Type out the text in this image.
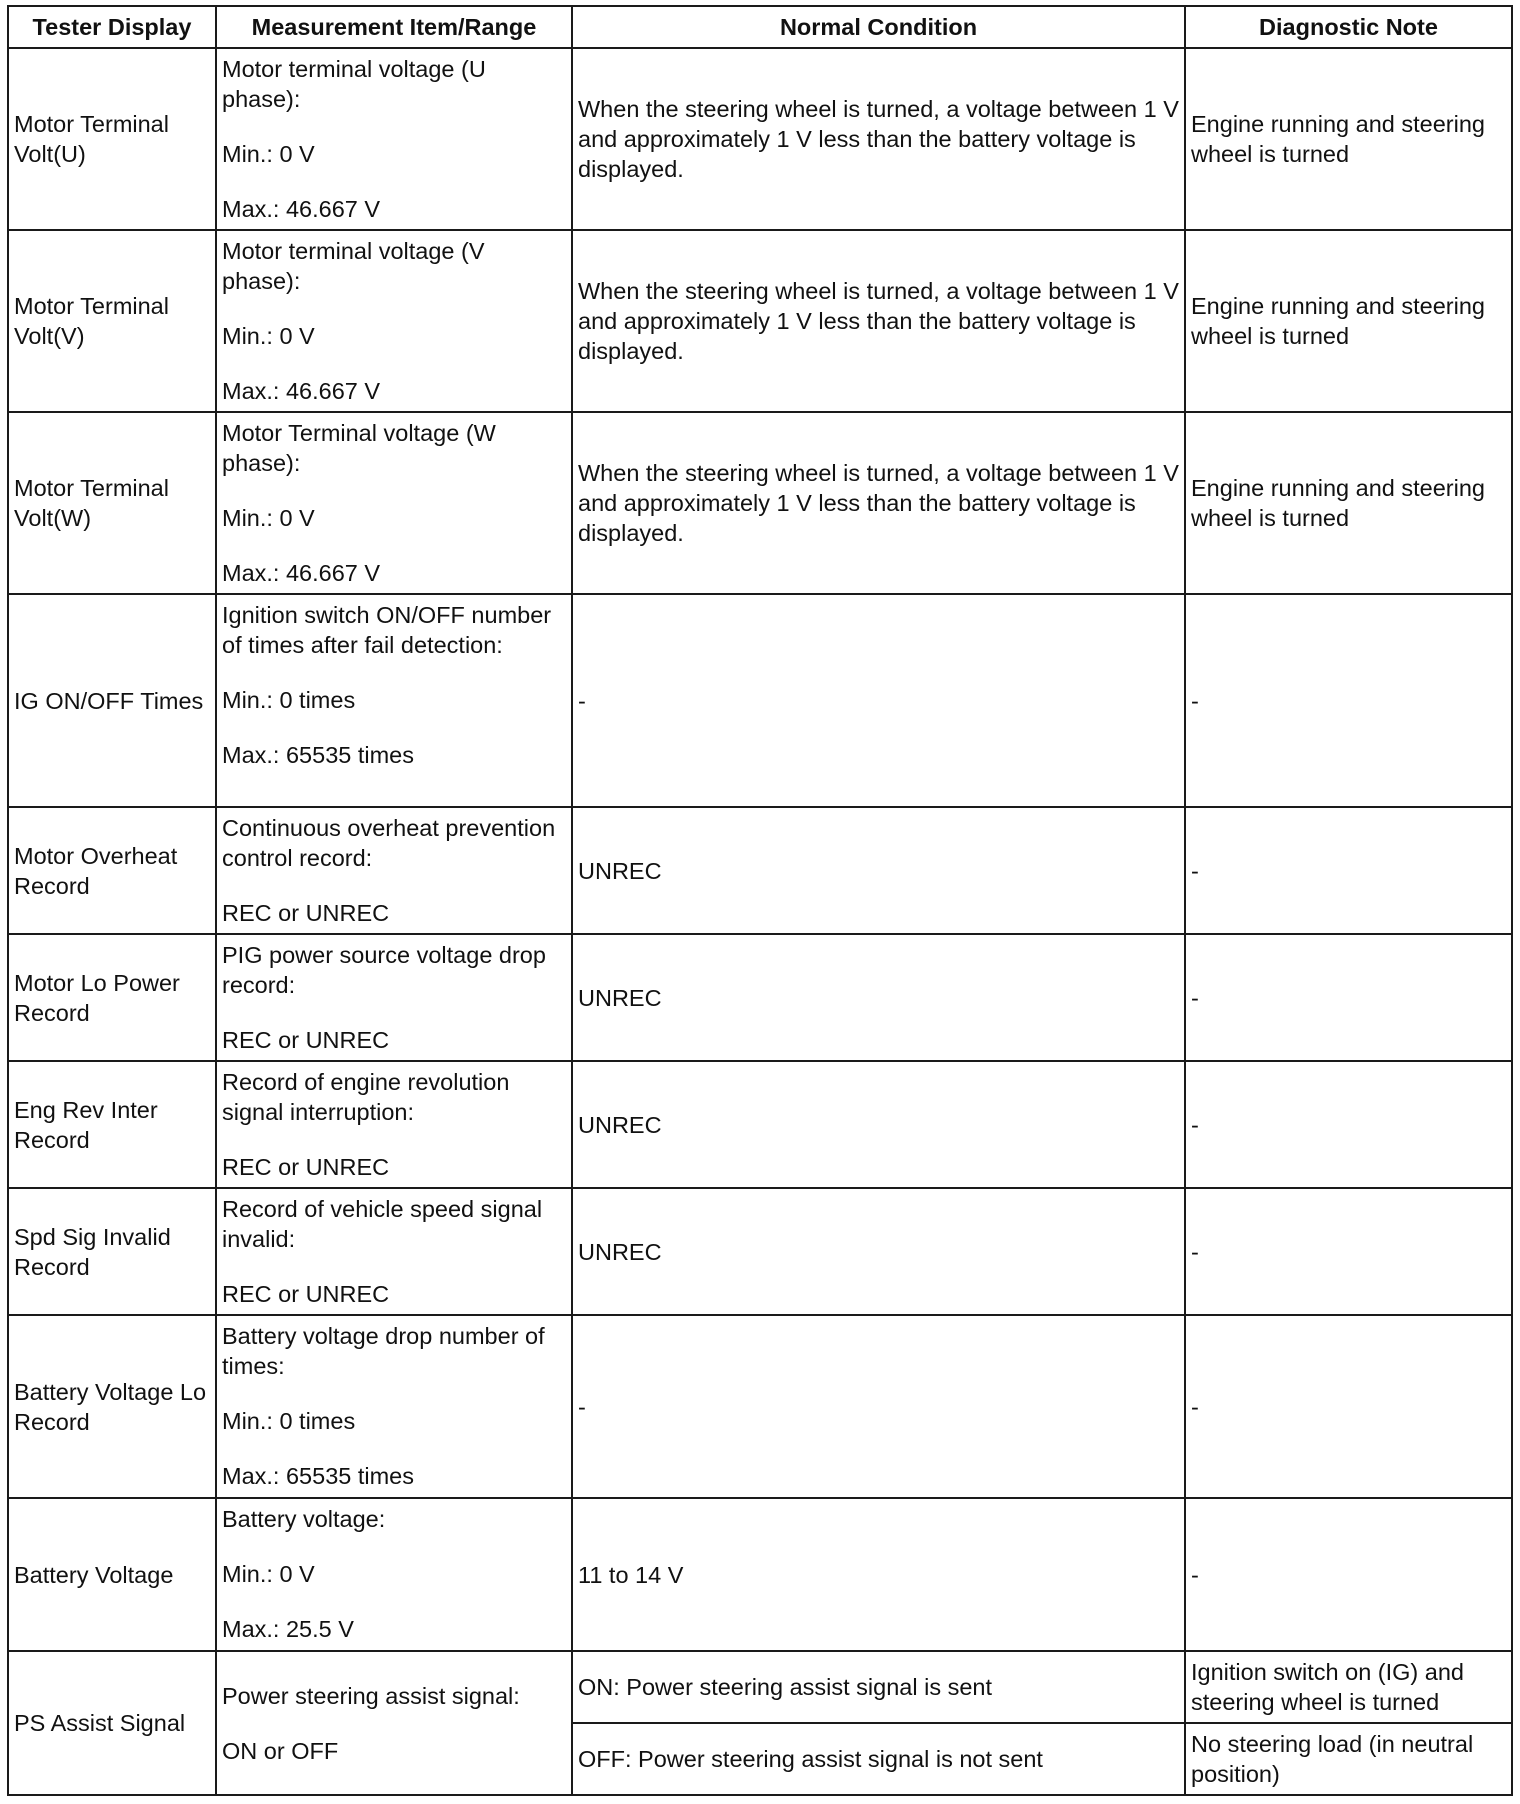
Tester Display	Measurement Item/Range	Normal Condition	Diagnostic Note
Motor Terminal Volt(U)	Motor terminal voltage (U phase):
Min.: 0 V
Max.: 46.667 V	When the steering wheel is turned, a voltage between 1 V and approximately 1 V less than the battery voltage is displayed.	Engine running and steering wheel is turned
Motor Terminal Volt(V)	Motor terminal voltage (V phase):
Min.: 0 V
Max.: 46.667 V	When the steering wheel is turned, a voltage between 1 V and approximately 1 V less than the battery voltage is displayed.	Engine running and steering wheel is turned
Motor Terminal Volt(W)	Motor Terminal voltage (W phase):
Min.: 0 V
Max.: 46.667 V	When the steering wheel is turned, a voltage between 1 V and approximately 1 V less than the battery voltage is displayed.	Engine running and steering wheel is turned
IG ON/OFF Times	Ignition switch ON/OFF number of times after fail detection:
Min.: 0 times
Max.: 65535 times	-	-
Motor Overheat Record	Continuous overheat prevention control record:
REC or UNREC	UNREC	-
Motor Lo Power Record	PIG power source voltage drop record:
REC or UNREC	UNREC	-
Eng Rev Inter Record	Record of engine revolution signal interruption:
REC or UNREC	UNREC	-
Spd Sig Invalid Record	Record of vehicle speed signal invalid:
REC or UNREC	UNREC	-
Battery Voltage Lo Record	Battery voltage drop number of times:
Min.: 0 times
Max.: 65535 times	-	-
Battery Voltage	Battery voltage:
Min.: 0 V
Max.: 25.5 V	11 to 14 V	-
PS Assist Signal	Power steering assist signal:
ON or OFF	ON: Power steering assist signal is sent	Ignition switch on (IG) and steering wheel is turned
		OFF: Power steering assist signal is not sent	No steering load (in neutral position)
